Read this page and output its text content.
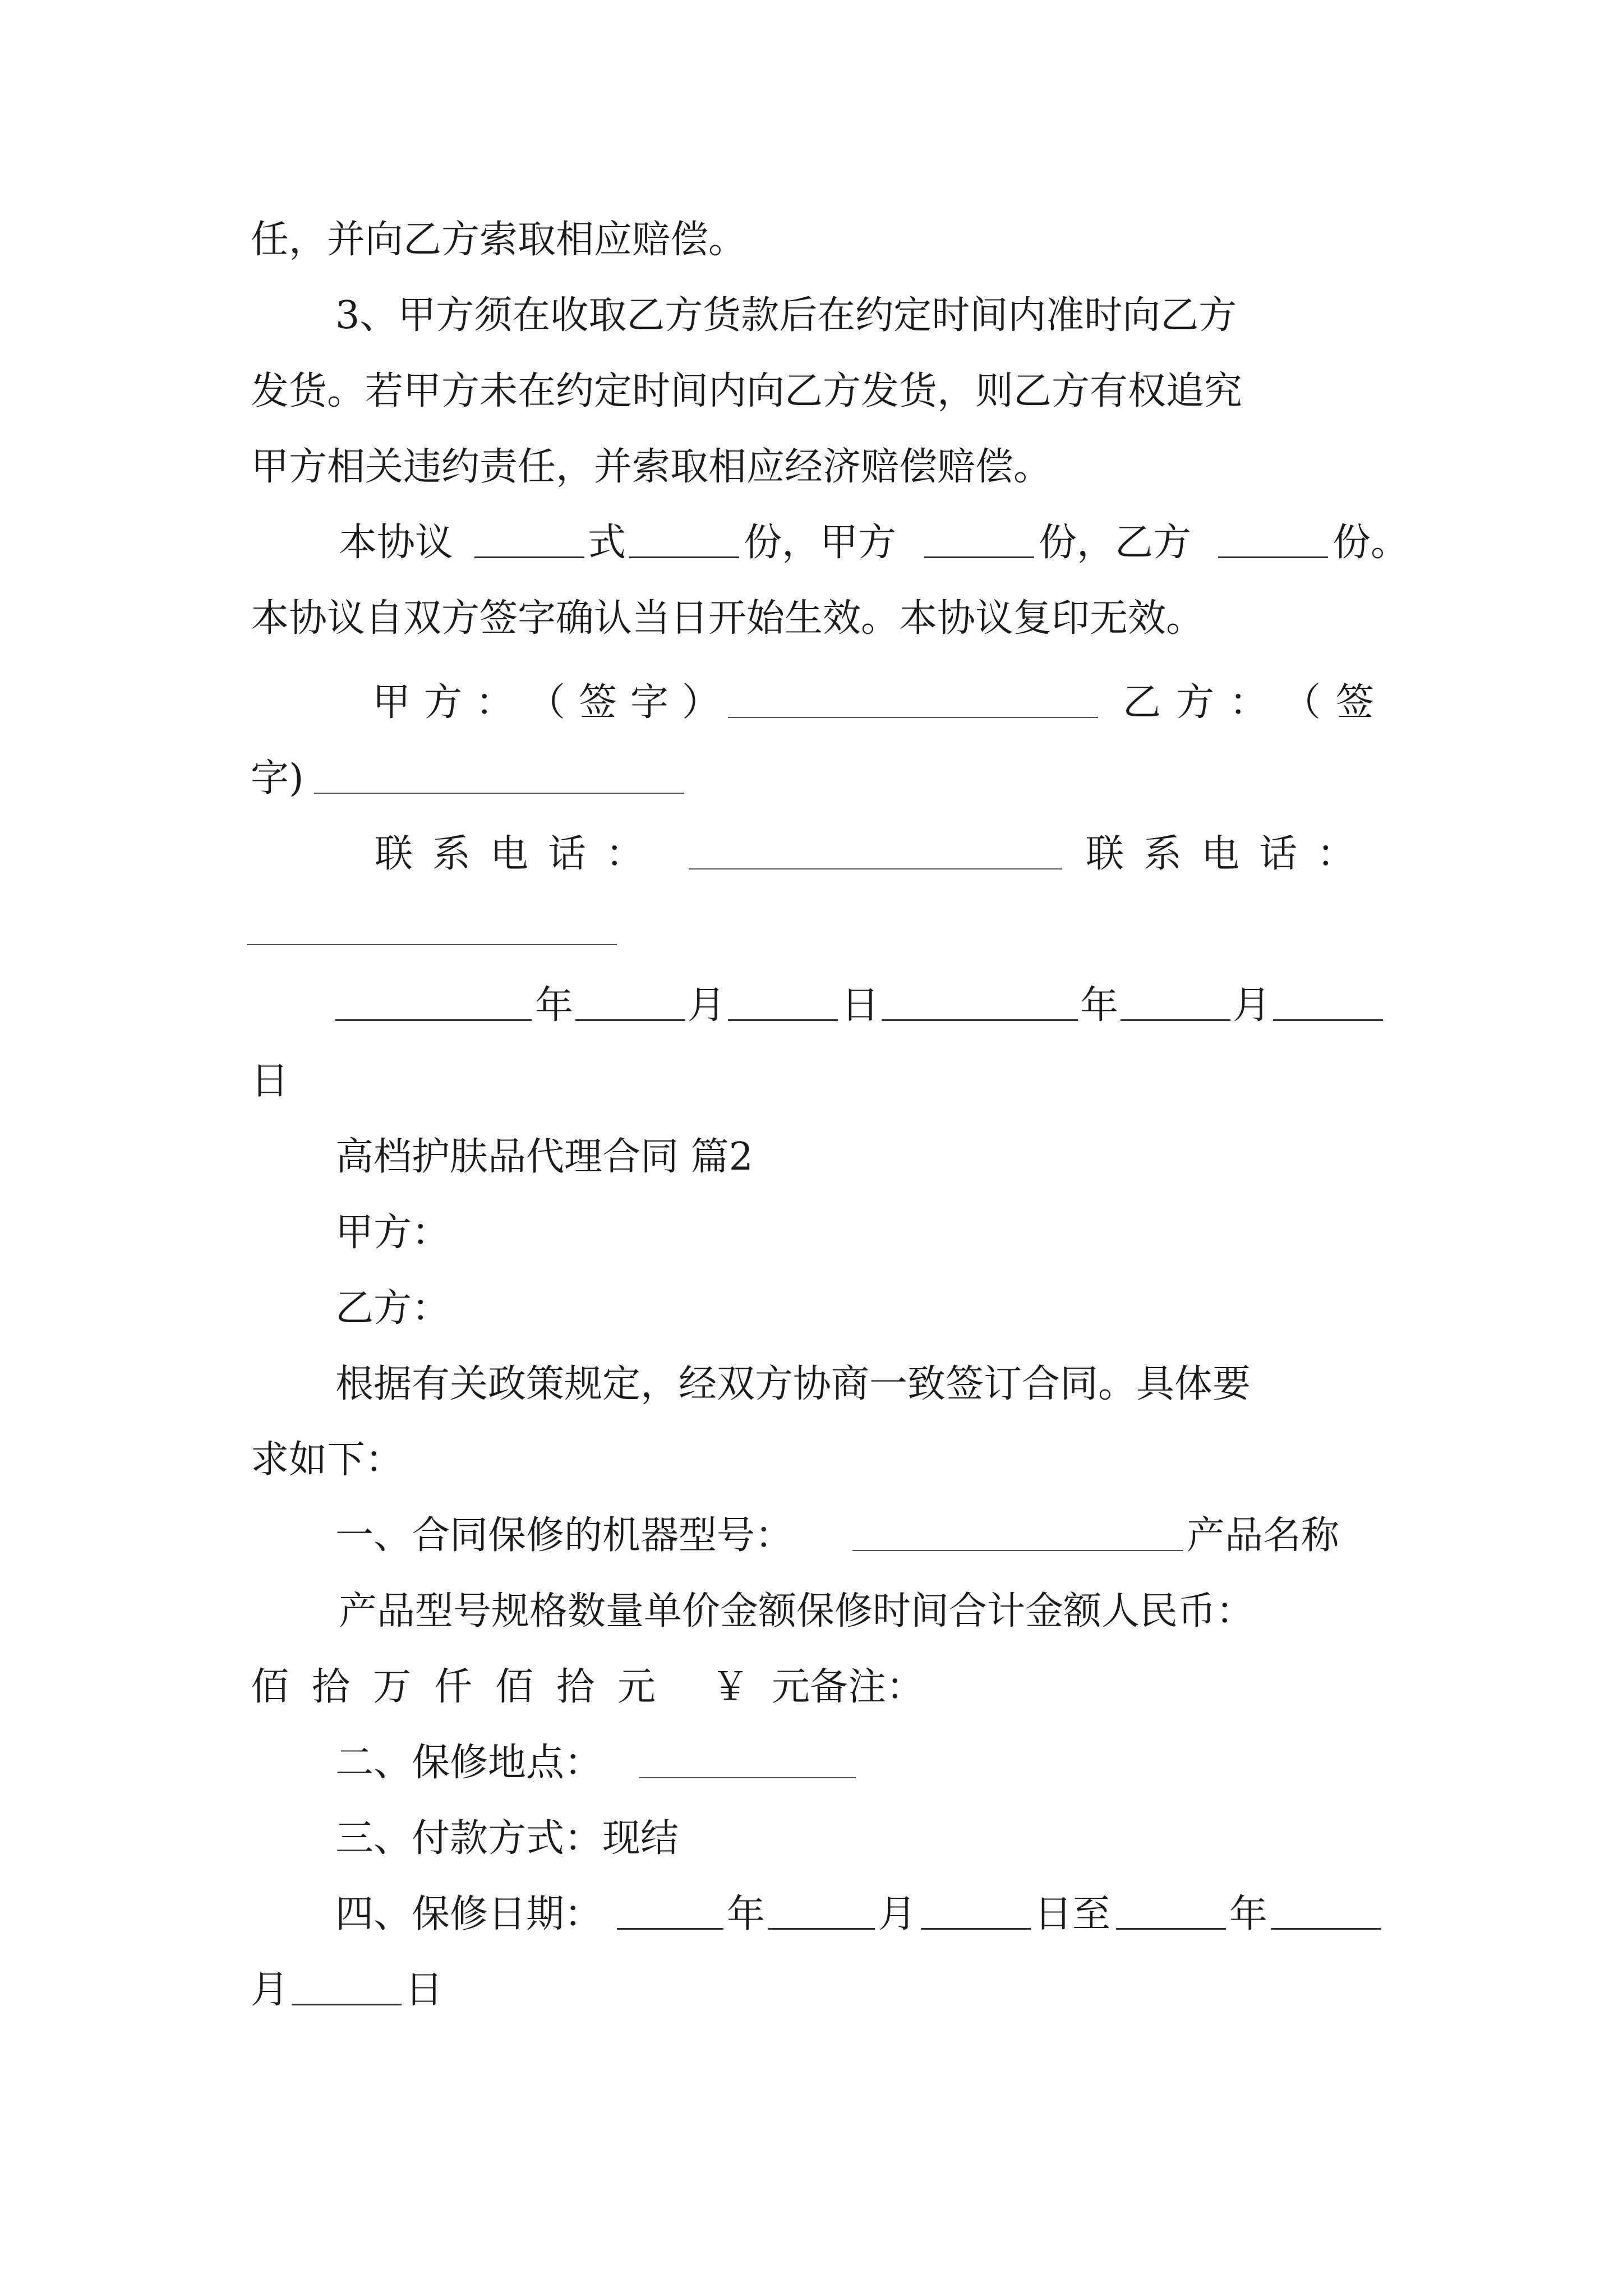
任，并向乙方索取相应赔偿。
3、甲方须在收取乙方货款后在约定时间内准时向乙方
发货。若甲方未在约定时间内向乙方发货，则乙方有权追究
甲方相关违约责任，并索取相应经济赔偿赔偿。
本协议	式	份，甲方	份，乙方	份。
本协议自双方签字确认当日开始生效。本协议复印无效。
甲 方 ： （ 签 字 ）	乙 方 ： （ 签
字)
联 系 电 话 ：	联 系 电 话 ：
年	月	日	年	月
日
高档护肤品代理合同 篇2
甲方：
乙方：
根据有关政策规定，经双方协商一致签订合同。具体要
求如下：
一、合同保修的机器型号：	产品名称
产品型号规格数量单价金额保修时间合计金额人民币：
佰 拾 万 仟 佰 拾 元 ￥ 元备注：
二、保修地点：
三、付款方式：现结
四、保修日期：	年	月	日至	年
月	日
